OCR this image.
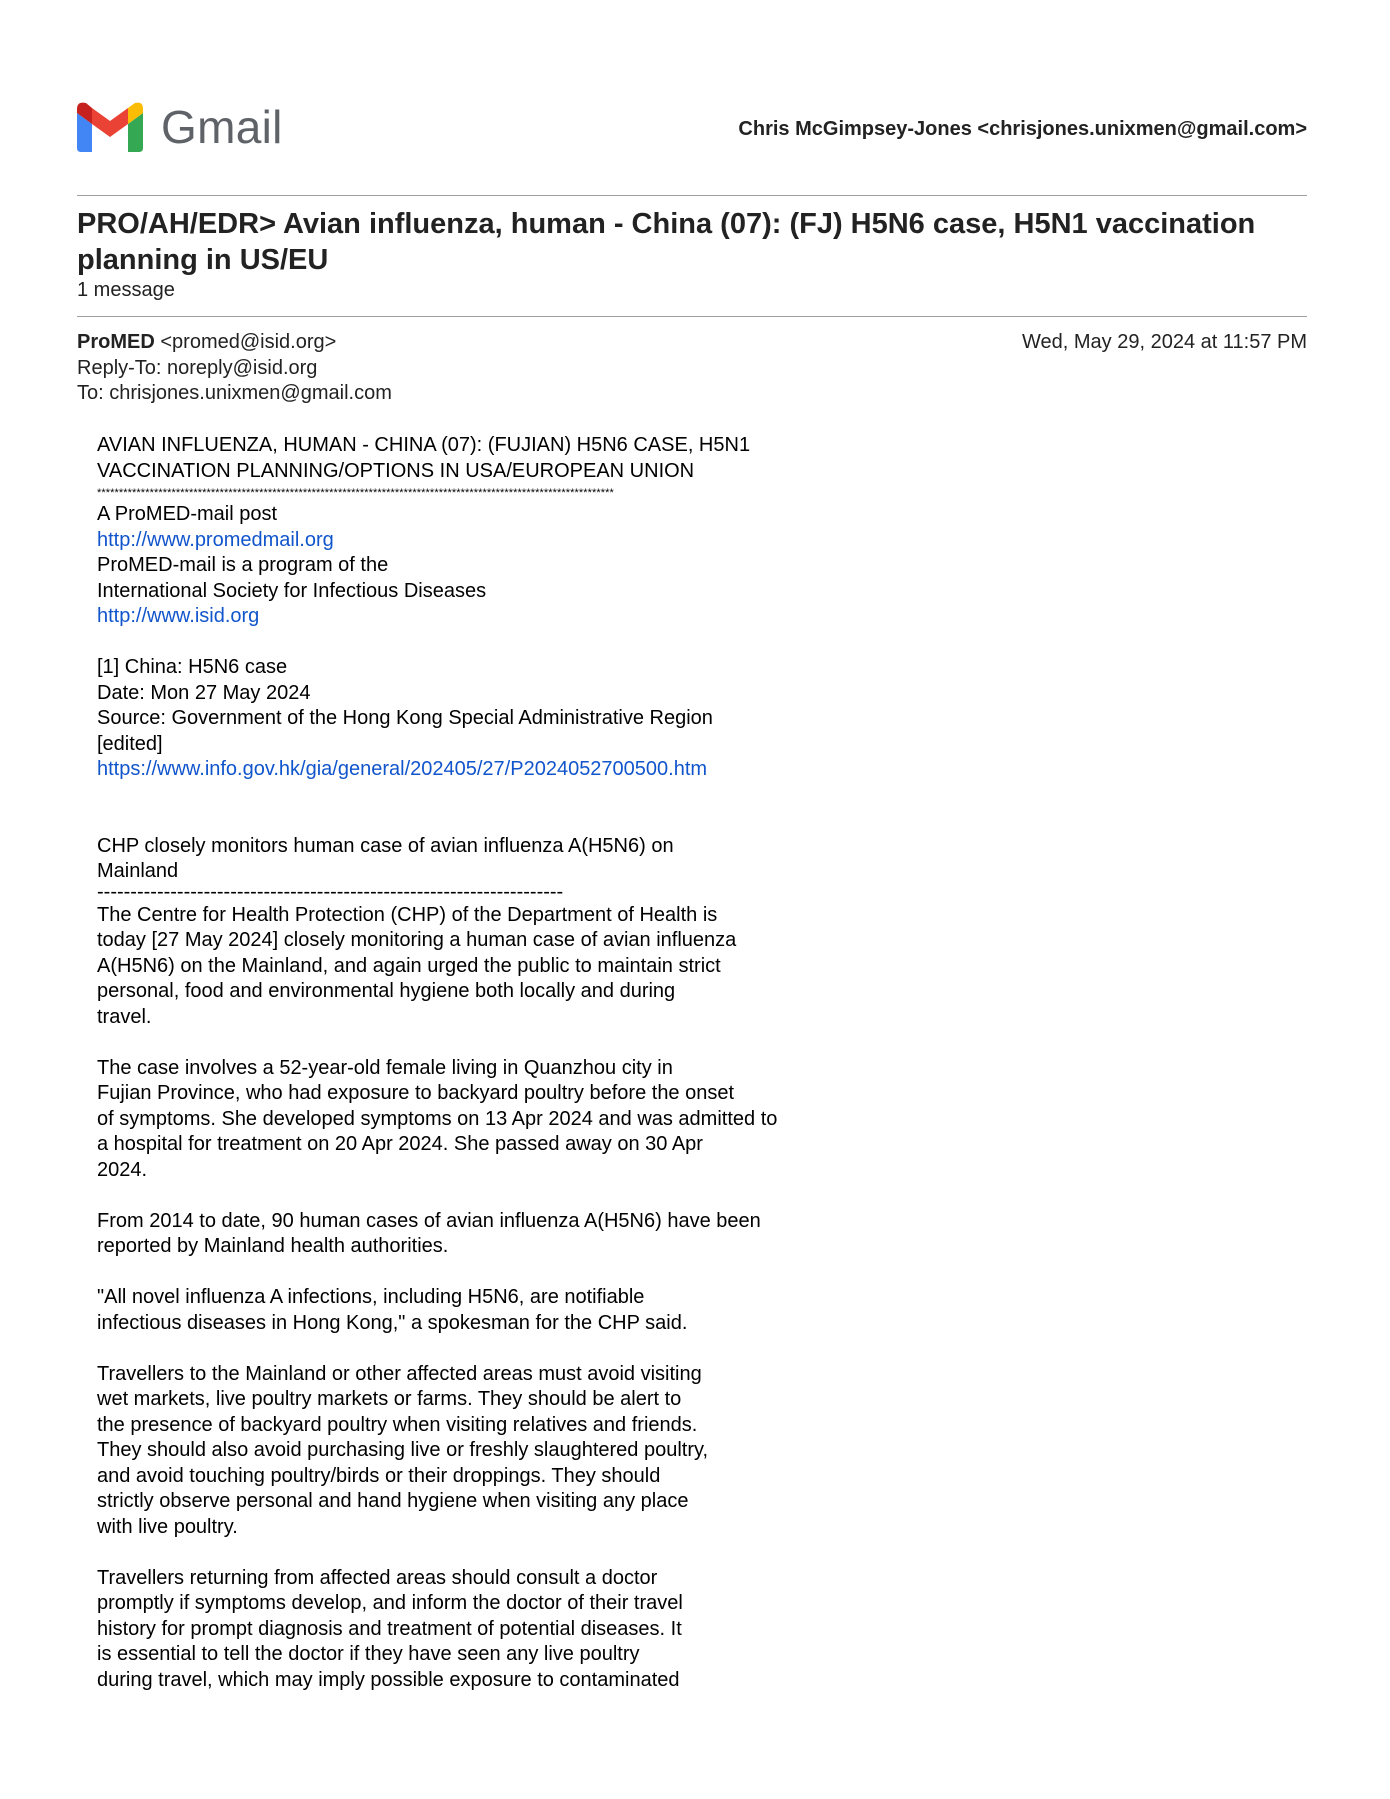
Gmail	Chris McGimpsey-Jones <chrisjones.unixmen@gmail.com>
PRO/AH/EDR> Avian influenza, human - China (07): (FJ) H5N6 case, H5N1 vaccination planning in US/EU
1 message
ProMED <promed@isid.org>	Wed, May 29, 2024 at 11:57 PM
Reply-To: noreply@isid.org
To: chrisjones.unixmen@gmail.com
AVIAN INFLUENZA, HUMAN - CHINA (07): (FUJIAN) H5N6 CASE, H5N1
VACCINATION PLANNING/OPTIONS IN USA/EUROPEAN UNION
**********************************************************************************************************************
A ProMED-mail post
http://www.promedmail.org
ProMED-mail is a program of the
International Society for Infectious Diseases
http://www.isid.org
[1] China: H5N6 case
Date: Mon 27 May 2024
Source: Government of the Hong Kong Special Administrative Region
[edited]
https://www.info.gov.hk/gia/general/202405/27/P2024052700500.htm
CHP closely monitors human case of avian influenza A(H5N6) on
Mainland
----------------------------------------------------------------------
The Centre for Health Protection (CHP) of the Department of Health is
today [27 May 2024] closely monitoring a human case of avian influenza
A(H5N6) on the Mainland, and again urged the public to maintain strict
personal, food and environmental hygiene both locally and during
travel.
The case involves a 52-year-old female living in Quanzhou city in
Fujian Province, who had exposure to backyard poultry before the onset
of symptoms. She developed symptoms on 13 Apr 2024 and was admitted to
a hospital for treatment on 20 Apr 2024. She passed away on 30 Apr
2024.
From 2014 to date, 90 human cases of avian influenza A(H5N6) have been
reported by Mainland health authorities.
"All novel influenza A infections, including H5N6, are notifiable
infectious diseases in Hong Kong," a spokesman for the CHP said.
Travellers to the Mainland or other affected areas must avoid visiting
wet markets, live poultry markets or farms. They should be alert to
the presence of backyard poultry when visiting relatives and friends.
They should also avoid purchasing live or freshly slaughtered poultry,
and avoid touching poultry/birds or their droppings. They should
strictly observe personal and hand hygiene when visiting any place
with live poultry.
Travellers returning from affected areas should consult a doctor
promptly if symptoms develop, and inform the doctor of their travel
history for prompt diagnosis and treatment of potential diseases. It
is essential to tell the doctor if they have seen any live poultry
during travel, which may imply possible exposure to contaminated
